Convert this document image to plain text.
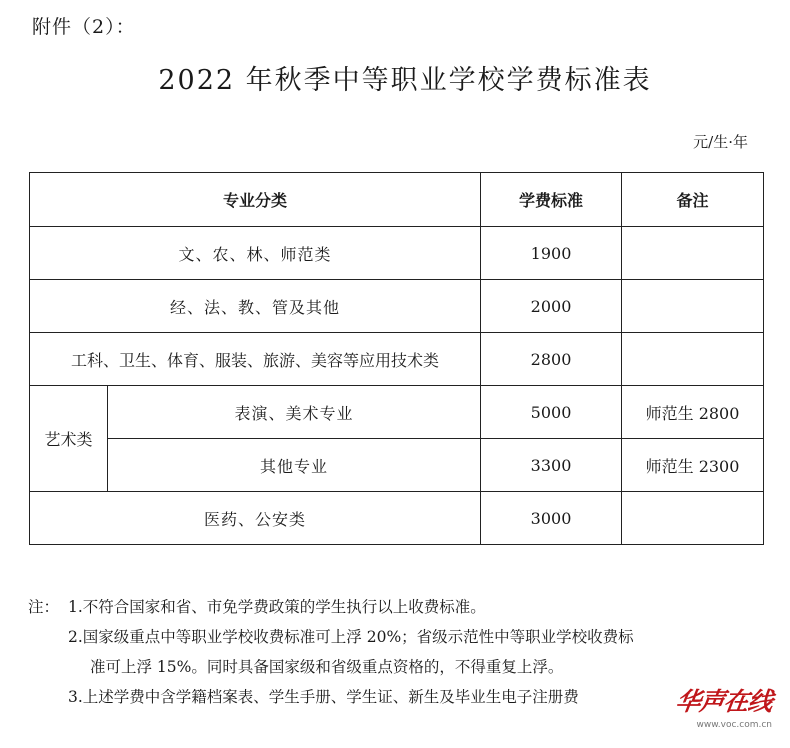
附件（2）：
2022 年秋季中等职业学校学费标准表
元/生·年
专业分类		学费标准	备注
文、农、林、师范类		1900	
经、法、教、管及其他		2000	
工科、卫生、体育、服装、旅游、美容等应用技术类		2800	
艺术类	表演、美术专业	5000	师范生 2800
	其他专业	3300	师范生 2300
医药、公安类		3000	
注： 1.不符合国家和省、市免学费政策的学生执行以上收费标准。
2.国家级重点中等职业学校收费标准可上浮 20%；省级示范性中等职业学校收费标
准可上浮 15%。同时具备国家级和省级重点资格的，不得重复上浮。
3.上述学费中含学籍档案表、学生手册、学生证、新生及毕业生电子注册费	华声在线
www.voc.com.cn
